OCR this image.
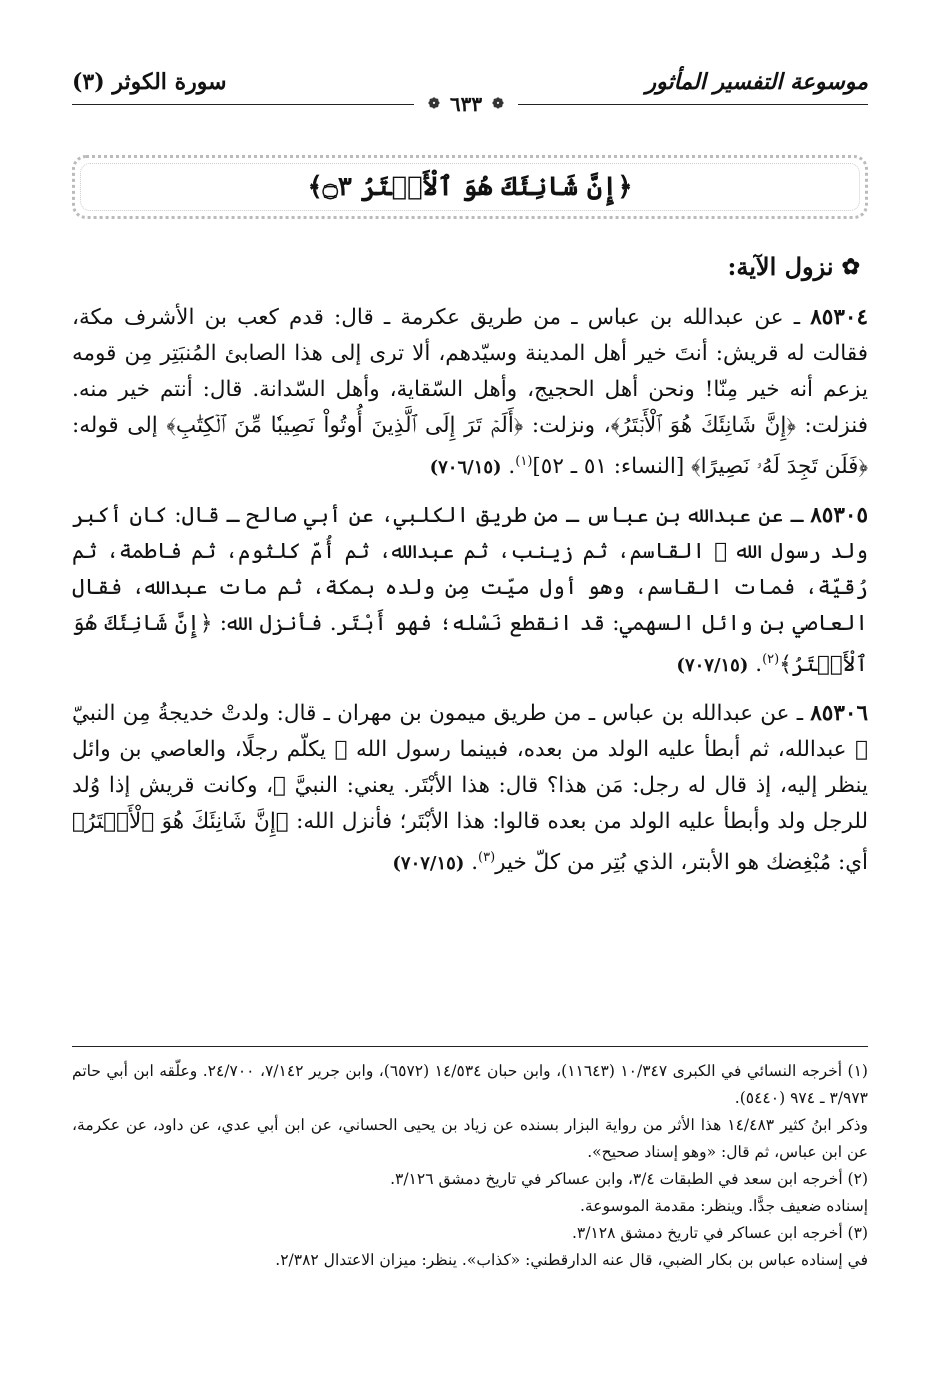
موسوعة التفسير المأثور
سورة الكوثر (٣)
❁
٦٣٣
❁
﴿إِنَّ شَانِئَكَ هُوَ ٱلْأَبۡتَرُ ۝٣﴾
✿
نزول الآية:

٨٥٣٠٤ ـ عن عبدالله بن عباس ـ من طريق عكرمة ـ قال: قدم كعب بن الأشرف مكة، فقالت له قريش: أنتَ خير أهل المدينة وسيّدهم، ألا ترى إلى هذا الصابئ المُنبَتِر مِن قومه يزعم أنه خير مِنّا! ونحن أهل الحجيج، وأهل السّقاية، وأهل السّدانة. قال: أنتم خير منه. فنزلت: ﴿إِنَّ شَانِئَكَ هُوَ ٱلْأَبۡتَرُ﴾، ونزلت: ﴿أَلَمۡ تَرَ إِلَى ٱلَّذِينَ أُوتُواْ نَصِيبٗا مِّنَ ٱلۡكِتَٰبِ﴾ إلى قوله: ﴿فَلَن تَجِدَ لَهُۥ نَصِيرًا﴾ [النساء: ٥١ ـ ٥٢]$^{(١)}$. (٧٠٦/١٥)

٨٥٣٠٥ ـ عن عبدالله بن عباس ـ من طريق الكلبي، عن أبي صالح ـ قال: كان أكبر ولد رسول الله ﷺ القاسم، ثم زينب، ثم عبدالله، ثم أُمّ كلثوم، ثم فاطمة، ثم رُقيّة، فمات القاسم، وهو أول ميّت مِن ولده بمكة، ثم مات عبدالله، فقال العاصي بن وائل السهمي: قد انقطع نَسْله؛ فهو أَبْتَر. فأنزل الله: ﴿إِنَّ شَانِئَكَ هُوَ ٱلْأَبۡتَرُ﴾$^{(٢)}$. (٧٠٧/١٥)

٨٥٣٠٦ ـ عن عبدالله بن عباس ـ من طريق ميمون بن مهران ـ قال: ولدتْ خديجةُ مِن النبيّ ﷺ عبدالله، ثم أبطأ عليه الولد من بعده، فبينما رسول الله ﷺ يكلّم رجلًا، والعاصي بن وائل ينظر إليه، إذ قال له رجل: مَن هذا؟ قال: هذا الأبْتَر. يعني: النبيَّ ﷺ، وكانت قريش إذا وُلد للرجل ولد وأبطأ عليه الولد من بعده قالوا: هذا الأبْتَر؛ فأنزل الله: ﴿إِنَّ شَانِئَكَ هُوَ ٱلْأَبۡتَرُ﴾ أي: مُبْغِضك هو الأبتر، الذي بُتِر من كلّ خير$^{(٣)}$. (٧٠٧/١٥)

(١) أخرجه النسائي في الكبرى ١٠/٣٤٧ (١١٦٤٣)، وابن حبان ١٤/٥٣٤ (٦٥٧٢)، وابن جرير ٧/١٤٢، ٢٤/٧٠٠. وعلّقه ابن أبي حاتم ٣/٩٧٣ ـ ٩٧٤ (٥٤٤٠).

وذكر ابنُ كثير ١٤/٤٨٣ هذا الأثر من رواية البزار بسنده عن زياد بن يحيى الحساني، عن ابن أبي عدي، عن داود، عن عكرمة، عن ابن عباس، ثم قال: «وهو إسناد صحيح».

(٢) أخرجه ابن سعد في الطبقات ٣/٤، وابن عساكر في تاريخ دمشق ٣/١٢٦.

إسناده ضعيف جدًّا. وينظر: مقدمة الموسوعة.

(٣) أخرجه ابن عساكر في تاريخ دمشق ٣/١٢٨.

في إسناده عباس بن بكار الضبي، قال عنه الدارقطني: «كذاب». ينظر: ميزان الاعتدال ٢/٣٨٢.
